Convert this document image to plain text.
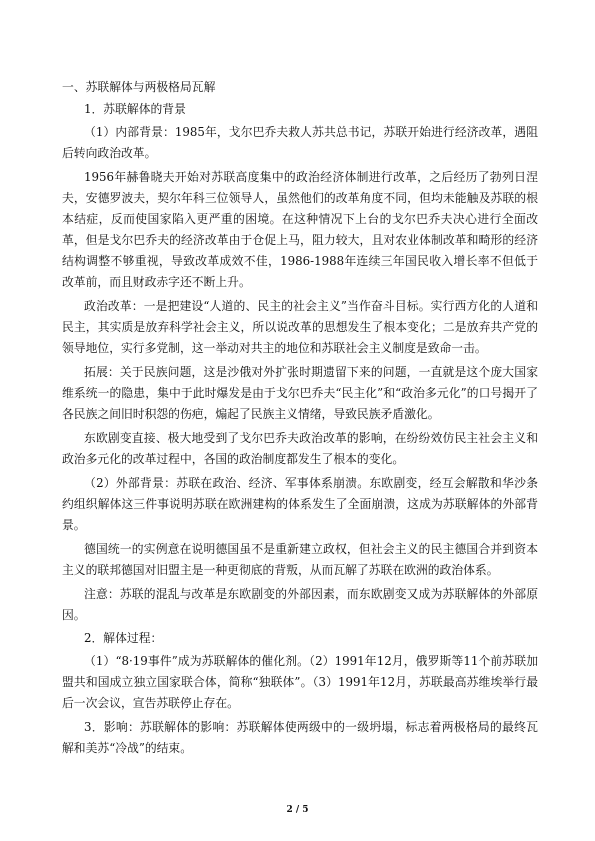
一、苏联解体与两极格局瓦解

1．苏联解体的背景

（1）内部背景：1985年，戈尔巴乔夫救人苏共总书记，苏联开始进行经济改革，遇阻后转向政治改革。

1956年赫鲁晓夫开始对苏联高度集中的政治经济体制进行改革，之后经历了勃列日涅夫，安德罗波夫，契尔年科三位领导人，虽然他们的改革角度不同，但均未能触及苏联的根本结症，反而使国家陷入更严重的困境。在这种情况下上台的戈尔巴乔夫决心进行全面改革，但是戈尔巴乔夫的经济改革由于仓促上马，阻力较大，且对农业体制改革和畸形的经济结构调整不够重视，导致改革成效不佳，1986-1988年连续三年国民收入增长率不但低于改革前，而且财政赤字还不断上升。

政治改革：一是把建设“人道的、民主的社会主义”当作奋斗目标。实行西方化的人道和民主，其实质是放弃科学社会主义，所以说改革的思想发生了根本变化；二是放弃共产党的领导地位，实行多党制，这一举动对共主的地位和苏联社会主义制度是致命一击。

拓展：关于民族问题，这是沙俄对外扩张时期遗留下来的问题，一直就是这个庞大国家维系统一的隐患，集中于此时爆发是由于戈尔巴乔夫“民主化”和“政治多元化”的口号揭开了各民族之间旧时积怨的伤疤，煽起了民族主义情绪，导致民族矛盾激化。

东欧剧变直接、极大地受到了戈尔巴乔夫政治改革的影响，在纷纷效仿民主社会主义和政治多元化的改革过程中，各国的政治制度都发生了根本的变化。

（2）外部背景：苏联在政治、经济、军事体系崩溃。东欧剧变，经互会解散和华沙条约组织解体这三件事说明苏联在欧洲建构的体系发生了全面崩溃，这成为苏联解体的外部背景。

德国统一的实例意在说明德国虽不是重新建立政权，但社会主义的民主德国合并到资本主义的联邦德国对旧盟主是一种更彻底的背叛，从而瓦解了苏联在欧洲的政治体系。

注意：苏联的混乱与改革是东欧剧变的外部因素，而东欧剧变又成为苏联解体的外部原因。

2．解体过程：

（1）“8·19事件”成为苏联解体的催化剂。（2）1991年12月，俄罗斯等11个前苏联加盟共和国成立独立国家联合体，简称“独联体”。（3）1991年12月，苏联最高苏维埃举行最后一次会议，宣告苏联停止存在。

3．影响：苏联解体的影响：苏联解体使两级中的一级坍塌，标志着两极格局的最终瓦解和美苏“冷战”的结束。

2 / 5
